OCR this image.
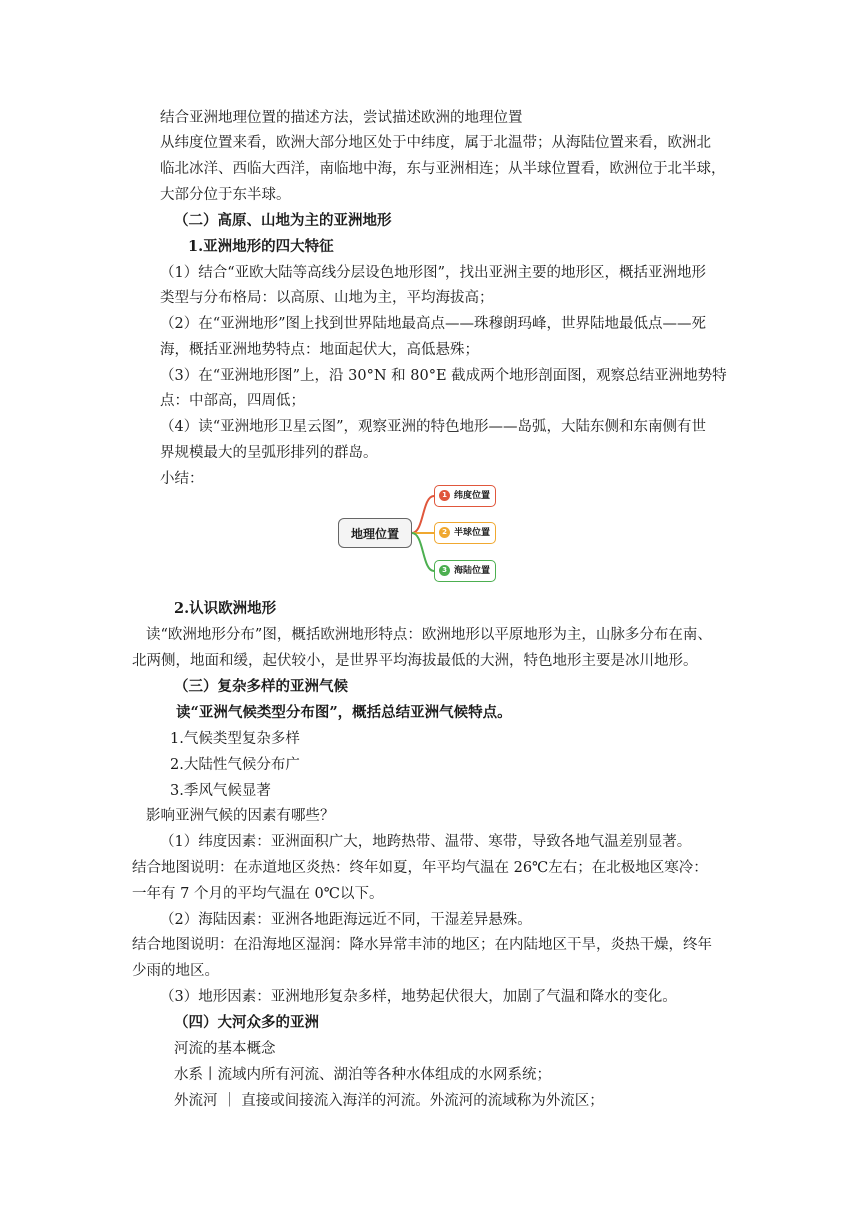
结合亚洲地理位置的描述方法，尝试描述欧洲的地理位置
从纬度位置来看，欧洲大部分地区处于中纬度，属于北温带；从海陆位置来看，欧洲北
临北冰洋、西临大西洋，南临地中海，东与亚洲相连；从半球位置看，欧洲位于北半球，
大部分位于东半球。
（二）高原、山地为主的亚洲地形
1.亚洲地形的四大特征
（1）结合“亚欧大陆等高线分层设色地形图”，找出亚洲主要的地形区，概括亚洲地形
类型与分布格局：以高原、山地为主，平均海拔高；
（2）在“亚洲地形”图上找到世界陆地最高点——珠穆朗玛峰，世界陆地最低点——死
海，概括亚洲地势特点：地面起伏大，高低悬殊；
（3）在“亚洲地形图”上，沿 30°N 和 80°E 截成两个地形剖面图，观察总结亚洲地势特
点：中部高，四周低；
（4）读“亚洲地形卫星云图”，观察亚洲的特色地形——岛弧，大陆东侧和东南侧有世
界规模最大的呈弧形排列的群岛。
小结：
地理位置
1 纬度位置
2 半球位置
3 海陆位置
2.认识欧洲地形
读“欧洲地形分布”图，概括欧洲地形特点：欧洲地形以平原地形为主，山脉多分布在南、
北两侧，地面和缓，起伏较小，是世界平均海拔最低的大洲，特色地形主要是冰川地形。
（三）复杂多样的亚洲气候
读“亚洲气候类型分布图”，概括总结亚洲气候特点。
1.气候类型复杂多样
2.大陆性气候分布广
3.季风气候显著
影响亚洲气候的因素有哪些？
（1）纬度因素：亚洲面积广大，地跨热带、温带、寒带，导致各地气温差别显著。
结合地图说明：在赤道地区炎热：终年如夏，年平均气温在 26℃左右；在北极地区寒冷：
一年有 7 个月的平均气温在 0℃以下。
（2）海陆因素：亚洲各地距海远近不同，干湿差异悬殊。
结合地图说明：在沿海地区湿润：降水异常丰沛的地区；在内陆地区干旱，炎热干燥，终年
少雨的地区。
（3）地形因素：亚洲地形复杂多样，地势起伏很大，加剧了气温和降水的变化。
（四）大河众多的亚洲
河流的基本概念
水系丨流域内所有河流、湖泊等各种水体组成的水网系统；
外流河 ｜ 直接或间接流入海洋的河流。外流河的流域称为外流区；
